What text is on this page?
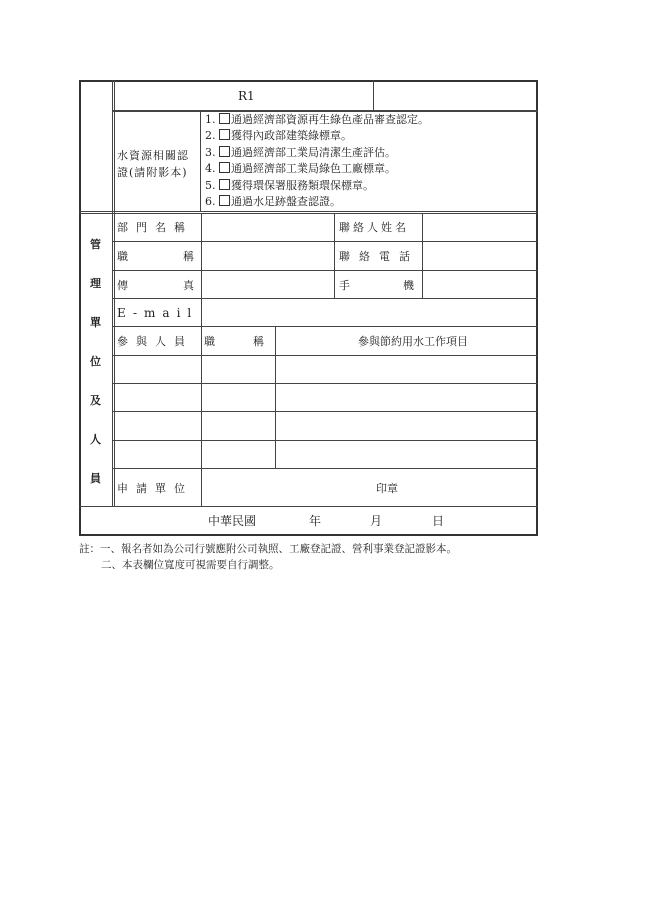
R1
水資源相關認
證(請附影本)
1. 通過經濟部資源再生綠色產品審查認定。
2. 獲得內政部建築綠標章。
3. 通過經濟部工業局清潔生產評估。
4. 通過經濟部工業局綠色工廠標章。
5. 獲得環保署服務類環保標章。
6. 通過水足跡盤查認證。
管
理
單
位
及
人
員
部門名稱	聯絡人姓名
職稱	聯絡電話
傳真	手機
E-mail
參與人員 職稱	參與節約用水工作項目
申請單位	印章
中華民國	年	月	日
註：一、報名者如為公司行號應附公司執照、工廠登記證、營利事業登記證影本。
二、本表欄位寬度可視需要自行調整。
